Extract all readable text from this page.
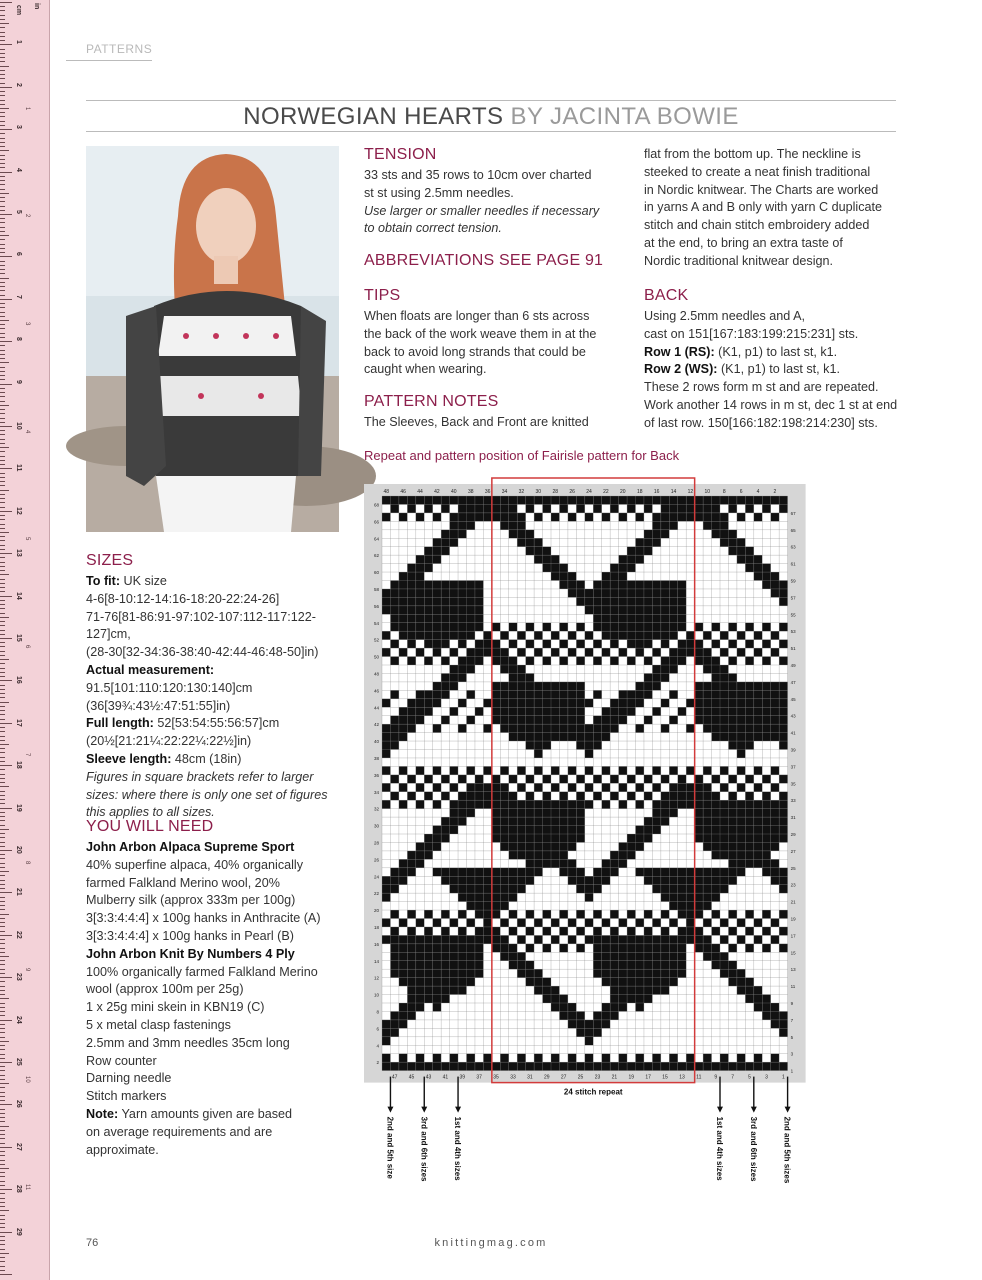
in
cm
1
2
3
4
5
6
7
8
9
10
11
12
13
14
15
16
17
18
19
20
21
22
23
24
25
26
27
28
29
1
2
3
4
5
6
7
8
9
10
11
PATTERNS
NORWEGIAN HEARTS BY JACINTA BOWIE
SIZES

To fit: UK size

4-6[8-10:12-14:16-18:20-22:24-26]

71-76[81-86:91-97:102-107:112-117:122-127]cm,

(28-30[32-34:36-38:40-42:44-46:48-50]in)

Actual measurement:

91.5[101:110:120:130:140]cm

(36[39¾:43½:47:51:55]in)

Full length: 52[53:54:55:56:57]cm

(20½[21:21¼:22:22¼:22½]in)

Sleeve length: 48cm (18in)

Figures in square brackets refer to larger

sizes: where there is only one set of figures

this applies to all sizes.

YOU WILL NEED

John Arbon Alpaca Supreme Sport

40% superfine alpaca, 40% organically

farmed Falkland Merino wool, 20%

Mulberry silk (approx 333m per 100g)

3[3:3:4:4:4] x 100g hanks in Anthracite (A)

3[3:3:4:4:4] x 100g hanks in Pearl (B)

John Arbon Knit By Numbers 4 Ply

100% organically farmed Falkland Merino

wool (approx 100m per 25g)

1 x 25g mini skein in KBN19 (C)

5 x metal clasp fastenings

2.5mm and 3mm needles 35cm long

Row counter

Darning needle

Stitch markers

Note: Yarn amounts given are based

on average requirements and are

approximate.

TENSION

33 sts and 35 rows to 10cm over charted

st st using 2.5mm needles.

Use larger or smaller needles if necessary

to obtain correct tension.

ABBREVIATIONS SEE PAGE 91
TIPS

When floats are longer than 6 sts across

the back of the work weave them in at the

back to avoid long strands that could be

caught when wearing.

PATTERN NOTES

The Sleeves, Back and Front are knitted

flat from the bottom up. The neckline is

steeked to create a neat finish traditional

in Nordic knitwear. The Charts are worked

in yarns A and B only with yarn C duplicate

stitch and chain stitch embroidery added

at the end, to bring an extra taste of

Nordic traditional knitwear design.

BACK

Using 2.5mm needles and A,

cast on 151[167:183:199:215:231] sts.

Row 1 (RS): (K1, p1) to last st, k1.

Row 2 (WS): (K1, p1) to last st, k1.

These 2 rows form m st and are repeated.

Work another 14 rows in m st, dec 1 st at end

of last row. 150[166:182:198:214:230] sts.

Repeat and pattern position of Fairisle pattern for Back
48 46 44 42 40 38 36 34 32 30 28 26 24 22 20 18 16 14 12 10	8	6	4	2
47 45 43 41 39 37 35 33 31 29 27 25 23 21 19 17 15 13 11	9	7	5	3	1
68
66
64
62
60
58
56
54
52
50
48
46
44
42
40
38
36
34
32
30
28
26
24
22
20
18
16
14
12
10
8
6
4
2
67
65
63
61
59
57
55
53
51
49
47
45
43
41
39
37
35
33
31
29
27
25
23
21
19
17
15
13
11
9
7
5
3
1
24 stitch repeat
2nd and 5th size	3rd and 6th sizes	1st and 4th sizes	1st and 4th sizes	3rd and 6th sizes	2nd and 5th sizes
76	knittingmag.com
